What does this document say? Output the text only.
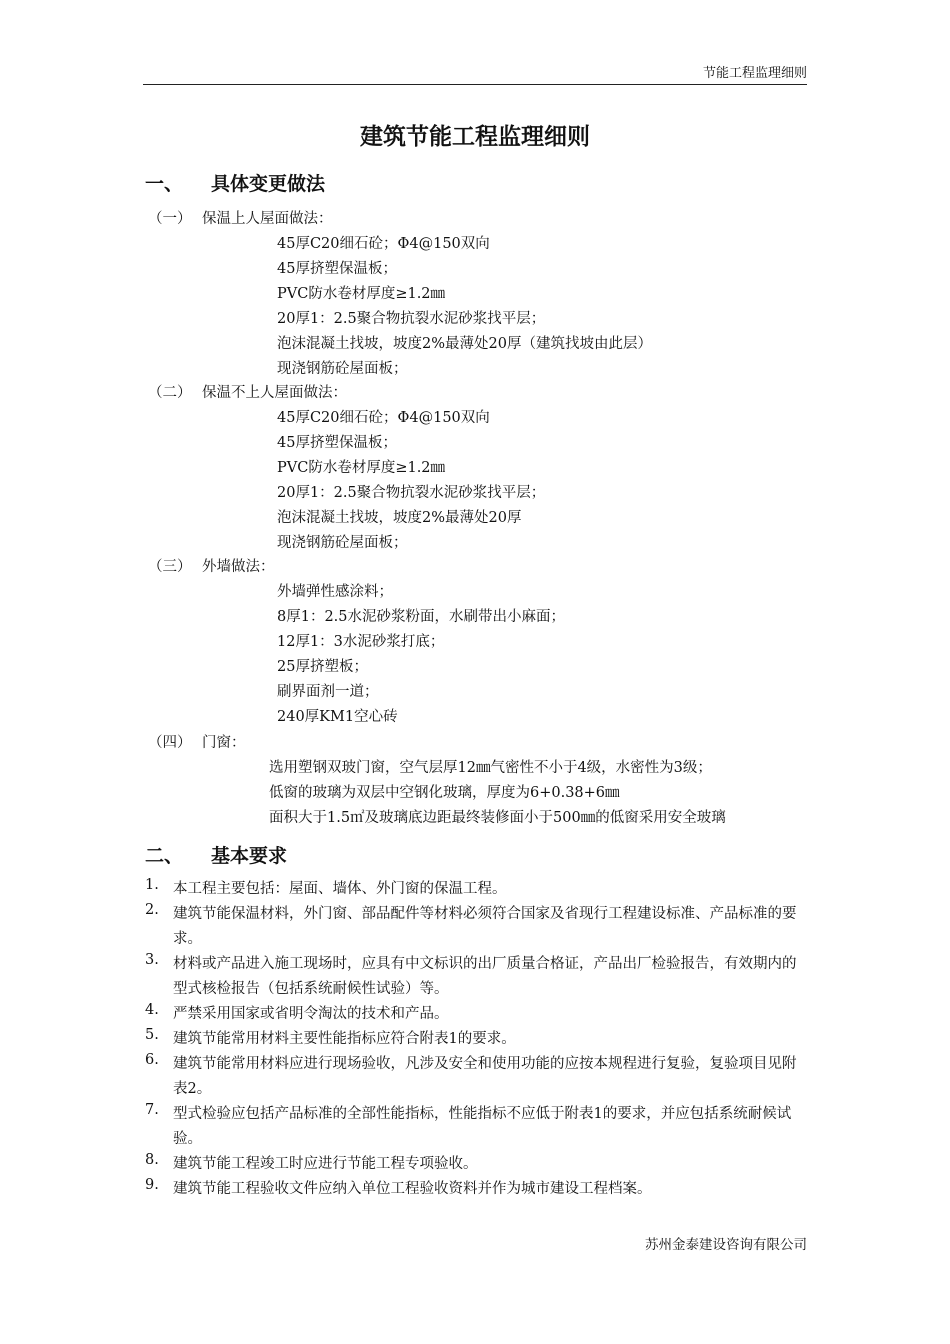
节能工程监理细则
建筑节能工程监理细则
一、 具体变更做法
（一） 保温上人屋面做法：
45厚C20细石砼；Φ4@150双向
45厚挤塑保温板；
PVC防水卷材厚度≥1.2㎜
20厚1：2.5聚合物抗裂水泥砂浆找平层；
泡沫混凝土找坡，坡度2%最薄处20厚（建筑找坡由此层）
现浇钢筋砼屋面板；
（二） 保温不上人屋面做法：
45厚C20细石砼；Φ4@150双向
45厚挤塑保温板；
PVC防水卷材厚度≥1.2㎜
20厚1：2.5聚合物抗裂水泥砂浆找平层；
泡沫混凝土找坡，坡度2%最薄处20厚
现浇钢筋砼屋面板；
（三） 外墙做法：
外墙弹性感涂料；
8厚1：2.5水泥砂浆粉面，水刷带出小麻面；
12厚1：3水泥砂浆打底；
25厚挤塑板；
刷界面剂一道；
240厚KM1空心砖
（四） 门窗：
选用塑钢双玻门窗，空气层厚12㎜气密性不小于4级，水密性为3级；
低窗的玻璃为双层中空钢化玻璃，厚度为6+0.38+6㎜
面积大于1.5㎡及玻璃底边距最终装修面小于500㎜的低窗采用安全玻璃
二、 基本要求
1. 本工程主要包括：屋面、墙体、外门窗的保温工程。
2. 建筑节能保温材料，外门窗、部品配件等材料必须符合国家及省现行工程建设标准、产品标准的要求。
3. 材料或产品进入施工现场时，应具有中文标识的出厂质量合格证，产品出厂检验报告，有效期内的型式核检报告（包括系统耐候性试验）等。
4. 严禁采用国家或省明令淘汰的技术和产品。
5. 建筑节能常用材料主要性能指标应符合附表1的要求。
6. 建筑节能常用材料应进行现场验收，凡涉及安全和使用功能的应按本规程进行复验，复验项目见附表2。
7. 型式检验应包括产品标准的全部性能指标，性能指标不应低于附表1的要求，并应包括系统耐候试验。
8. 建筑节能工程竣工时应进行节能工程专项验收。
9. 建筑节能工程验收文件应纳入单位工程验收资料并作为城市建设工程档案。
苏州金泰建设咨询有限公司
